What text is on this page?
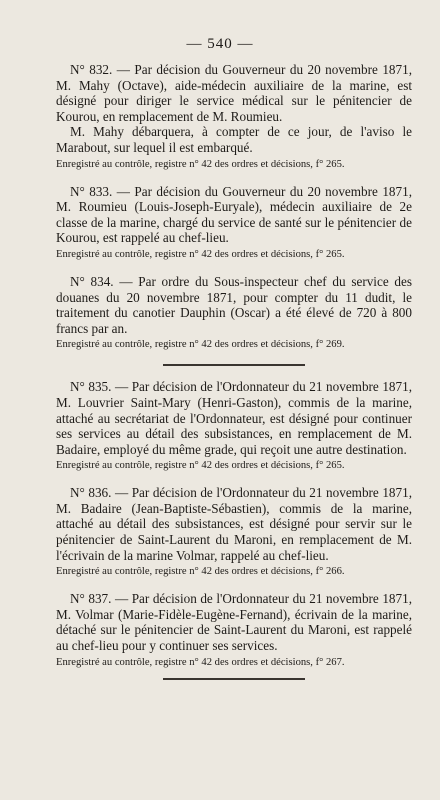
— 540 —

N° 832. — Par décision du Gouverneur du 20 novembre 1871, M. Mahy (Octave), aide-médecin auxiliaire de la marine, est désigné pour diriger le service médical sur le pénitencier de Kourou, en remplacement de M. Roumieu.

M. Mahy débarquera, à compter de ce jour, de l'aviso le Marabout, sur lequel il est embarqué.

Enregistré au contrôle, registre n° 42 des ordres et décisions, f° 265.

N° 833. — Par décision du Gouverneur du 20 novembre 1871, M. Roumieu (Louis-Joseph-Euryale), médecin auxiliaire de 2e classe de la marine, chargé du service de santé sur le pénitencier de Kourou, est rappelé au chef-lieu.

Enregistré au contrôle, registre n° 42 des ordres et décisions, f° 265.

N° 834. — Par ordre du Sous-inspecteur chef du service des douanes du 20 novembre 1871, pour compter du 11 dudit, le traitement du canotier Dauphin (Oscar) a été élevé de 720 à 800 francs par an.

Enregistré au contrôle, registre n° 42 des ordres et décisions, f° 269.

N° 835. — Par décision de l'Ordonnateur du 21 novembre 1871, M. Louvrier Saint-Mary (Henri-Gaston), commis de la marine, attaché au secrétariat de l'Ordonnateur, est désigné pour continuer ses services au détail des subsistances, en remplacement de M. Badaire, employé du même grade, qui reçoit une autre destination.

Enregistré au contrôle, registre n° 42 des ordres et décisions, f° 265.

N° 836. — Par décision de l'Ordonnateur du 21 novembre 1871, M. Badaire (Jean-Baptiste-Sébastien), commis de la marine, attaché au détail des subsistances, est désigné pour servir sur le pénitencier de Saint-Laurent du Maroni, en remplacement de M. l'écrivain de la marine Volmar, rappelé au chef-lieu.

Enregistré au contrôle, registre n° 42 des ordres et décisions, f° 266.

N° 837. — Par décision de l'Ordonnateur du 21 novembre 1871, M. Volmar (Marie-Fidèle-Eugène-Fernand), écrivain de la marine, détaché sur le pénitencier de Saint-Laurent du Maroni, est rappelé au chef-lieu pour y continuer ses services.

Enregistré au contrôle, registre n° 42 des ordres et décisions, f° 267.
